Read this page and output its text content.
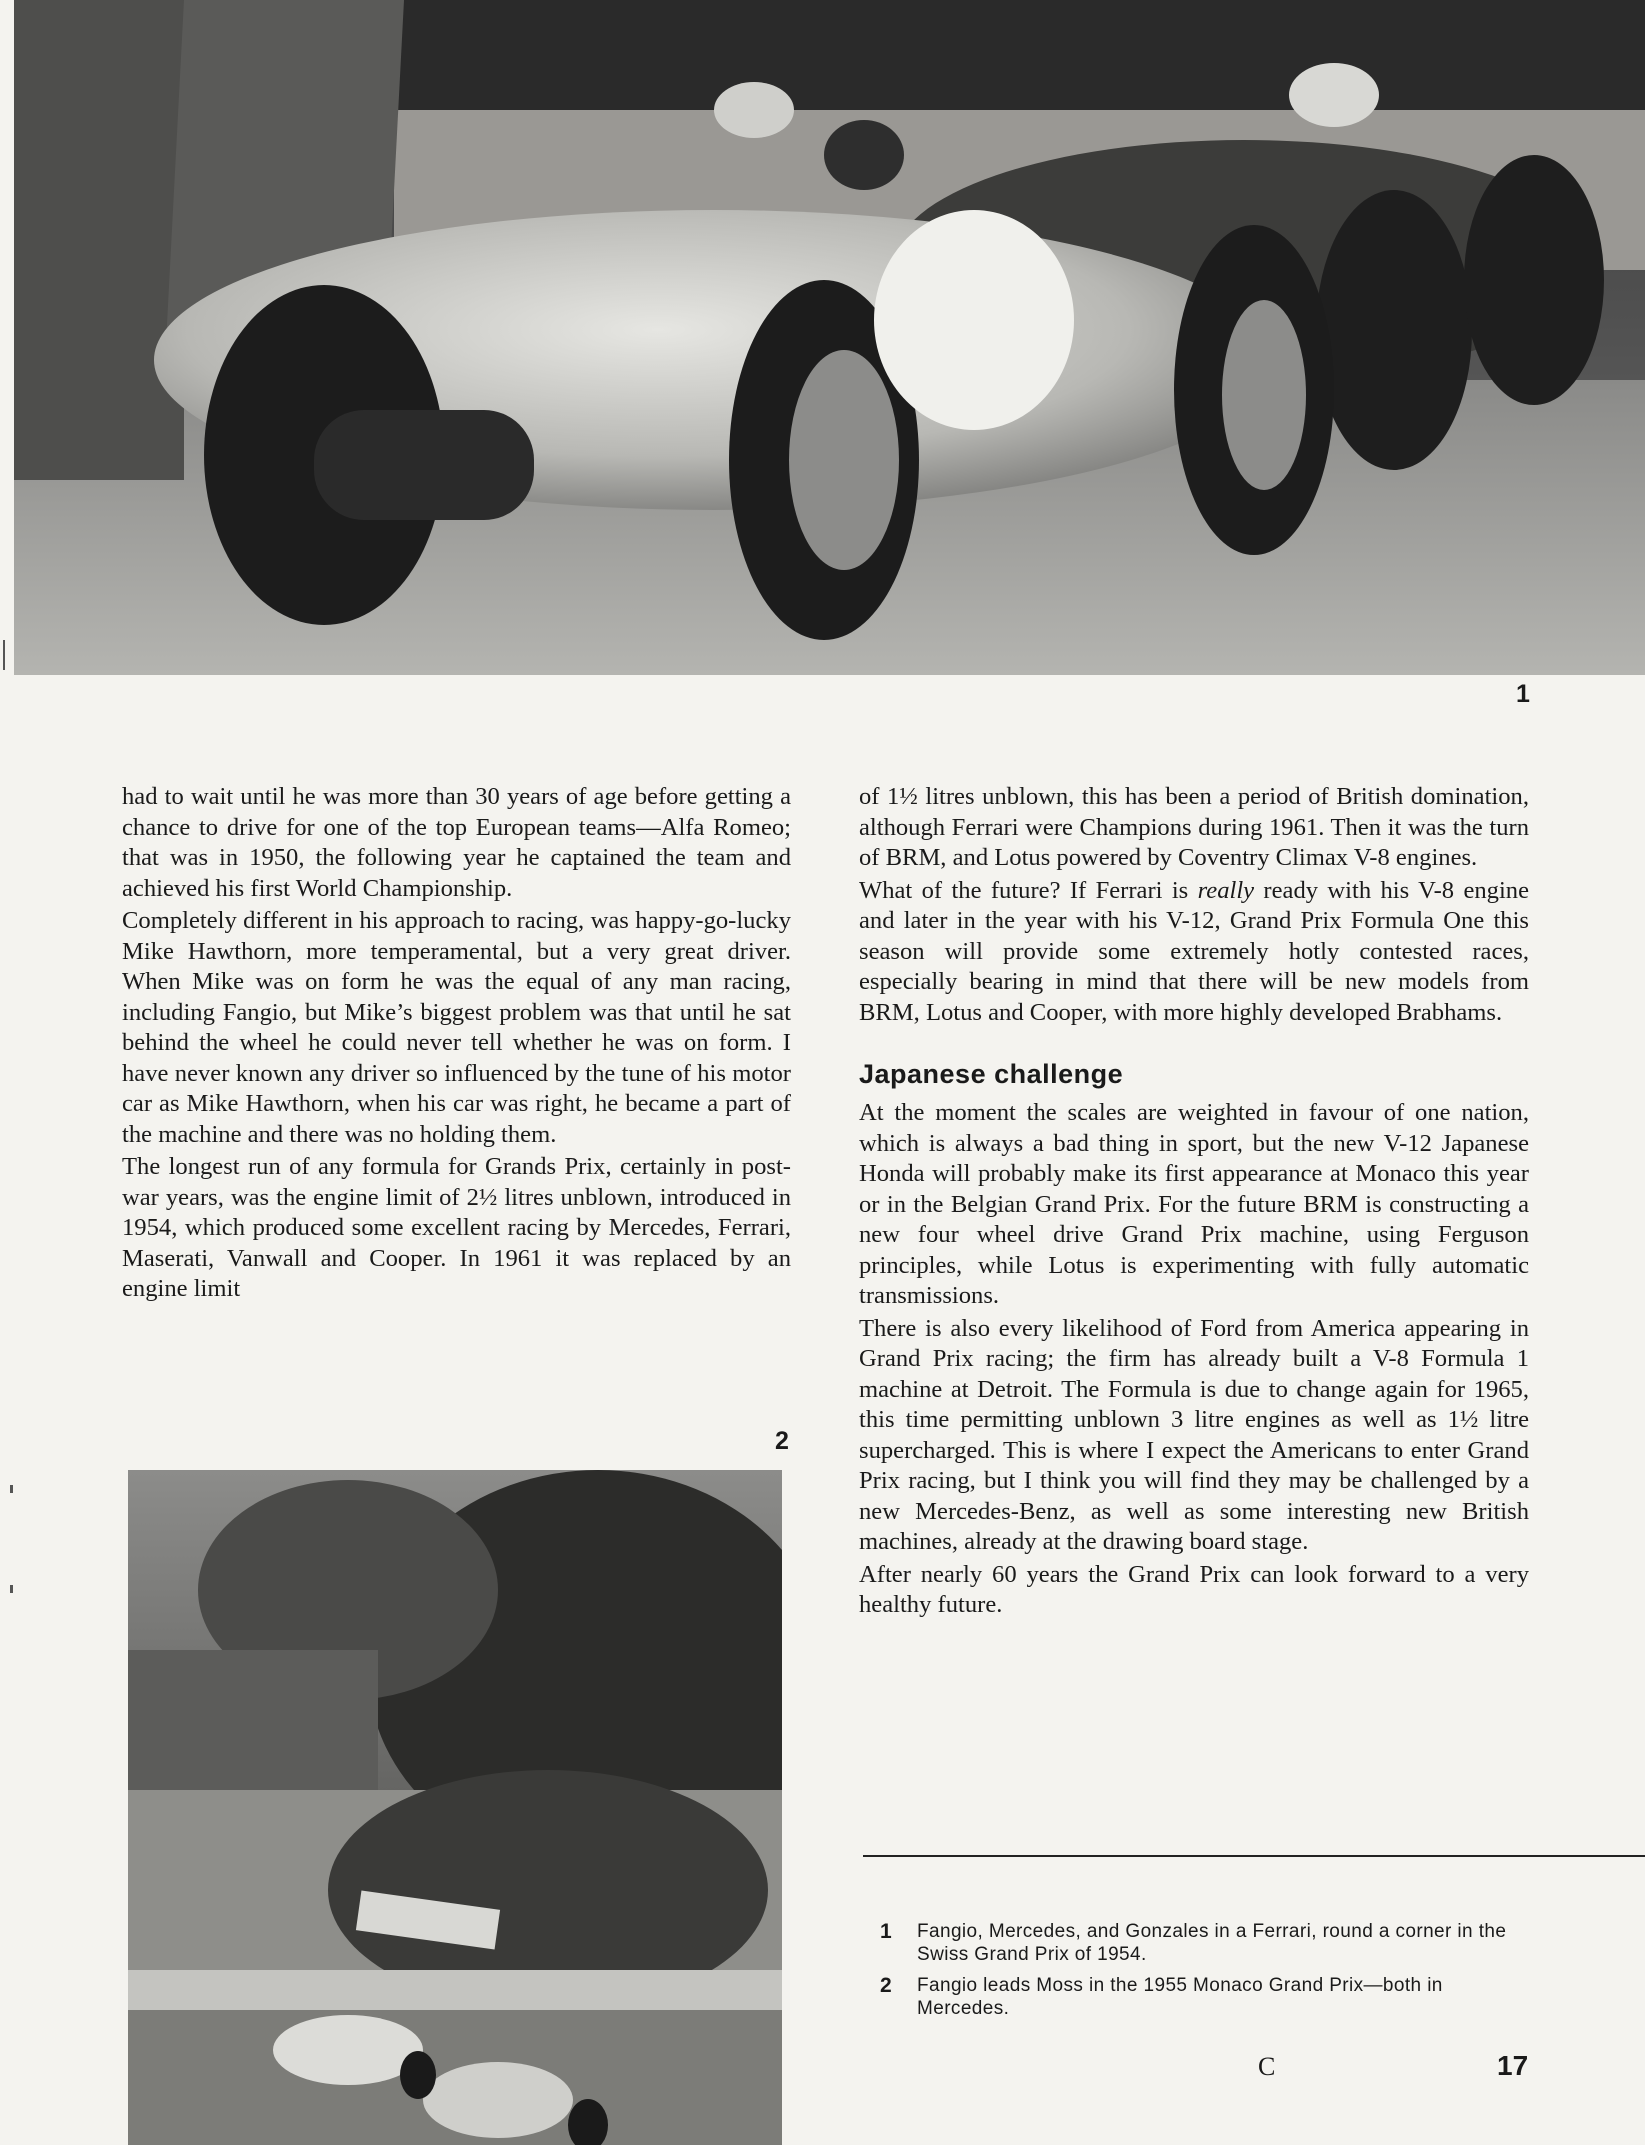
1

had to wait until he was more than 30 years of age before getting a chance to drive for one of the top European teams—Alfa Romeo; that was in 1950, the following year he captained the team and achieved his first World Championship.

Completely different in his approach to racing, was happy-go-lucky Mike Hawthorn, more temperamental, but a very great driver. When Mike was on form he was the equal of any man racing, including Fangio, but Mike’s biggest problem was that until he sat behind the wheel he could never tell whether he was on form. I have never known any driver so influenced by the tune of his motor car as Mike Hawthorn, when his car was right, he became a part of the machine and there was no holding them.

The longest run of any formula for Grands Prix, certainly in post-war years, was the engine limit of 2½ litres unblown, introduced in 1954, which produced some excellent racing by Mercedes, Ferrari, Maserati, Vanwall and Cooper. In 1961 it was replaced by an engine limit

of 1½ litres unblown, this has been a period of British domination, although Ferrari were Champions during 1961. Then it was the turn of BRM, and Lotus powered by Coventry Climax V-8 engines.

What of the future? If Ferrari is really ready with his V-8 engine and later in the year with his V-12, Grand Prix Formula One this season will provide some extremely hotly contested races, especially bearing in mind that there will be new models from BRM, Lotus and Cooper, with more highly developed Brabhams.

Japanese challenge

At the moment the scales are weighted in favour of one nation, which is always a bad thing in sport, but the new V-12 Japanese Honda will probably make its first appearance at Monaco this year or in the Belgian Grand Prix. For the future BRM is constructing a new four wheel drive Grand Prix machine, using Ferguson principles, while Lotus is experimenting with fully automatic transmissions.

There is also every likelihood of Ford from America appearing in Grand Prix racing; the firm has already built a V-8 Formula 1 machine at Detroit. The Formula is due to change again for 1965, this time permitting unblown 3 litre engines as well as 1½ litre supercharged. This is where I expect the Americans to enter Grand Prix racing, but I think you will find they may be challenged by a new Mercedes-Benz, as well as some interesting new British machines, already at the drawing board stage.

After nearly 60 years the Grand Prix can look forward to a very healthy future.

2
1	Fangio, Mercedes, and Gonzales in a Ferrari, round a corner in the Swiss Grand Prix of 1954.
2	Fangio leads Moss in the 1955 Monaco Grand Prix—both in Mercedes.
C	17
